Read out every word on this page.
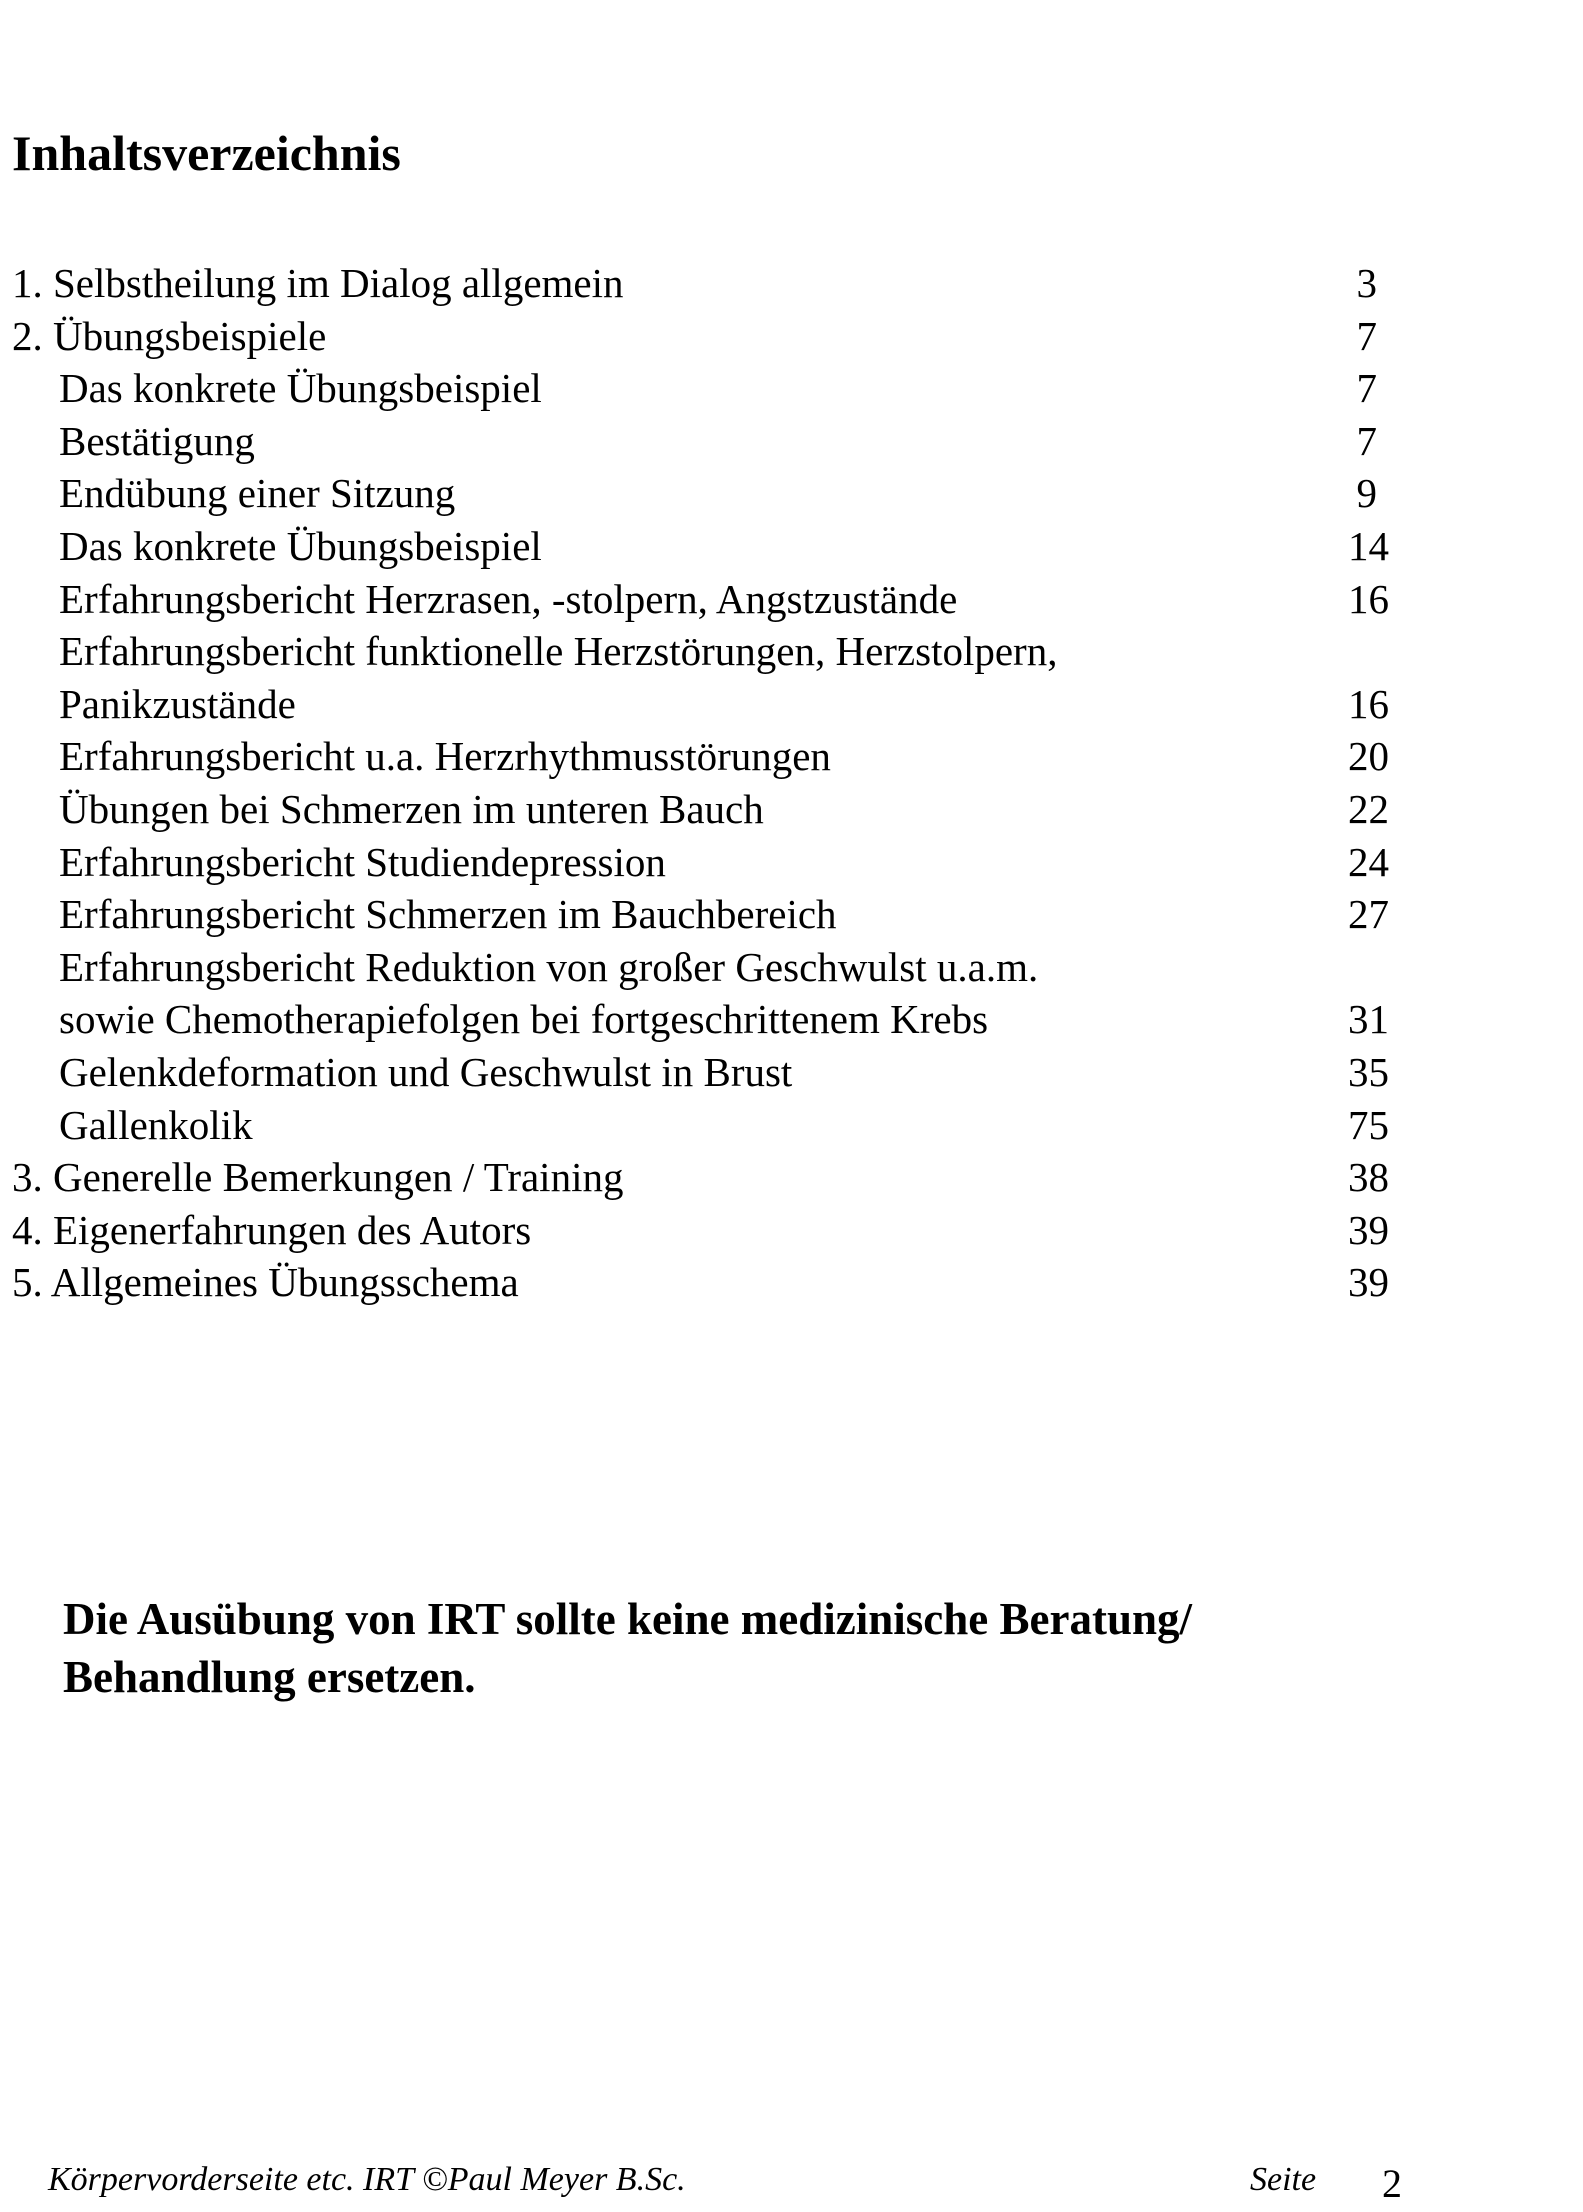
Inhaltsverzeichnis
1. Selbstheilung im Dialog allgemein	3
2. Übungsbeispiele	7
Das konkrete Übungsbeispiel	7
Bestätigung	7
Endübung einer Sitzung	9
Das konkrete Übungsbeispiel	14
Erfahrungsbericht Herzrasen, -stolpern, Angstzustände	16
Erfahrungsbericht funktionelle Herzstörungen, Herzstolpern,
Panikzustände	16
Erfahrungsbericht u.a. Herzrhythmusstörungen	20
Übungen bei Schmerzen im unteren Bauch	22
Erfahrungsbericht Studiendepression	24
Erfahrungsbericht Schmerzen im Bauchbereich	27
Erfahrungsbericht Reduktion von großer Geschwulst u.a.m.
sowie Chemotherapiefolgen bei fortgeschrittenem Krebs	31
Gelenkdeformation und Geschwulst in Brust	35
Gallenkolik	75
3. Generelle Bemerkungen / Training	38
4. Eigenerfahrungen des Autors	39
5. Allgemeines Übungsschema	39
Die Ausübung von IRT sollte keine medizinische Beratung/
Behandlung ersetzen.
Körpervorderseite etc. IRT ©Paul Meyer B.Sc.	Seite 2
